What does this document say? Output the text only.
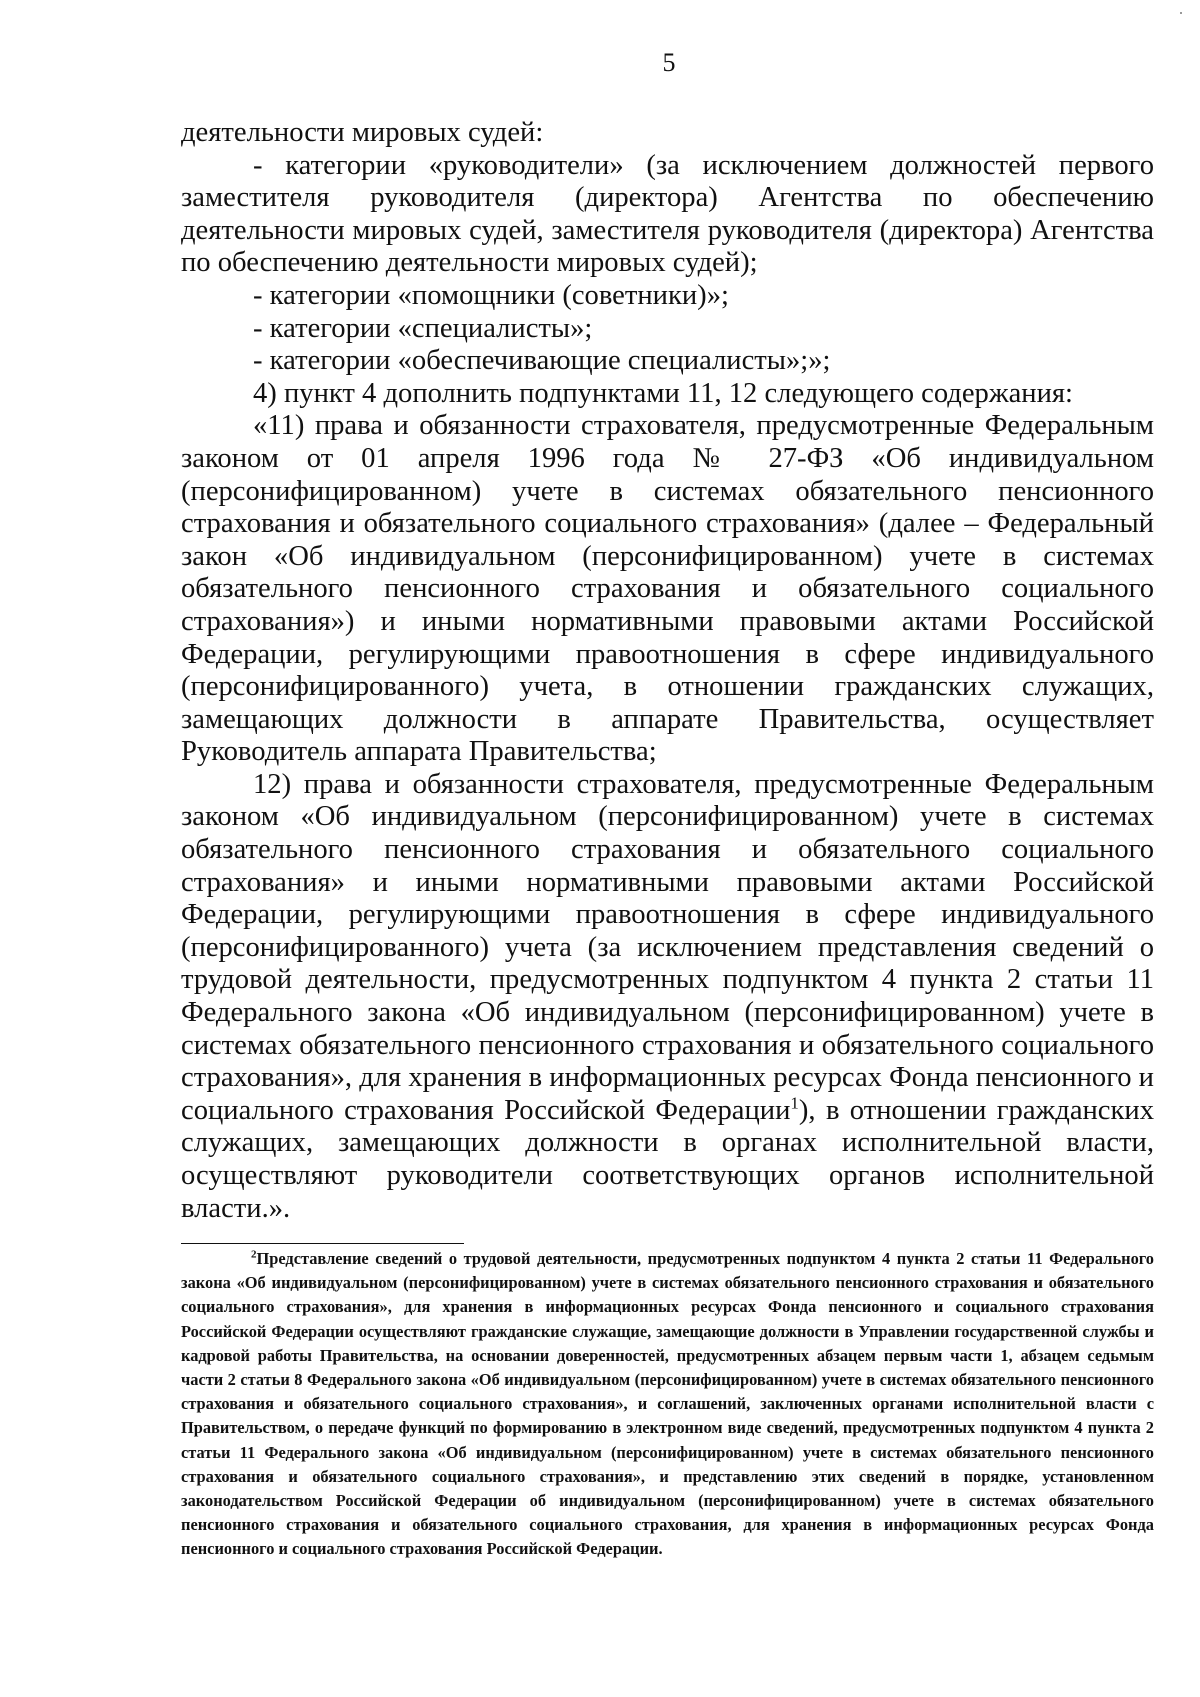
5

деятельности мировых судей:

- категории «руководители» (за исключением должностей первого заместителя руководителя (директора) Агентства по обеспечению деятельности мировых судей, заместителя руководителя (директора) Агентства по обеспечению деятельности мировых судей);

- категории «помощники (советники)»;

- категории «специалисты»;

- категории «обеспечивающие специалисты»;»;

4) пункт 4 дополнить подпунктами 11, 12 следующего содержания:

«11) права и обязанности страхователя, предусмотренные Федеральным законом от 01 апреля 1996 года № 27-ФЗ «Об индивидуальном (персонифицированном) учете в системах обязательного пенсионного страхования и обязательного социального страхования» (далее – Федеральный закон «Об индивидуальном (персонифицированном) учете в системах обязательного пенсионного страхования и обязательного социального страхования») и иными нормативными правовыми актами Российской Федерации, регулирующими правоотношения в сфере индивидуального (персонифицированного) учета, в отношении гражданских служащих, замещающих должности в аппарате Правительства, осуществляет Руководитель аппарата Правительства;

12) права и обязанности страхователя, предусмотренные Федеральным законом «Об индивидуальном (персонифицированном) учете в системах обязательного пенсионного страхования и обязательного социального страхования» и иными нормативными правовыми актами Российской Федерации, регулирующими правоотношения в сфере индивидуального (персонифицированного) учета (за исключением представления сведений о трудовой деятельности, предусмотренных подпунктом 4 пункта 2 статьи 11 Федерального закона «Об индивидуальном (персонифицированном) учете в системах обязательного пенсионного страхования и обязательного социального страхования», для хранения в информационных ресурсах Фонда пенсионного и социального страхования Российской Федерации$^1$), в отношении гражданских служащих, замещающих должности в органах исполнительной власти, осуществляют руководители соответствующих органов исполнительной власти.».

$^2$Представление сведений о трудовой деятельности, предусмотренных подпунктом 4 пункта 2 статьи 11 Федерального закона «Об индивидуальном (персонифицированном) учете в системах обязательного пенсионного страхования и обязательного социального страхования», для хранения в информационных ресурсах Фонда пенсионного и социального страхования Российской Федерации осуществляют гражданские служащие, замещающие должности в Управлении государственной службы и кадровой работы Правительства, на основании доверенностей, предусмотренных абзацем первым части 1, абзацем седьмым части 2 статьи 8 Федерального закона «Об индивидуальном (персонифицированном) учете в системах обязательного пенсионного страхования и обязательного социального страхования», и соглашений, заключенных органами исполнительной власти с Правительством, о передаче функций по формированию в электронном виде сведений, предусмотренных подпунктом 4 пункта 2 статьи 11 Федерального закона «Об индивидуальном (персонифицированном) учете в системах обязательного пенсионного страхования и обязательного социального страхования», и представлению этих сведений в порядке, установленном законодательством Российской Федерации об индивидуальном (персонифицированном) учете в системах обязательного пенсионного страхования и обязательного социального страхования, для хранения в информационных ресурсах Фонда пенсионного и социального страхования Российской Федерации.
